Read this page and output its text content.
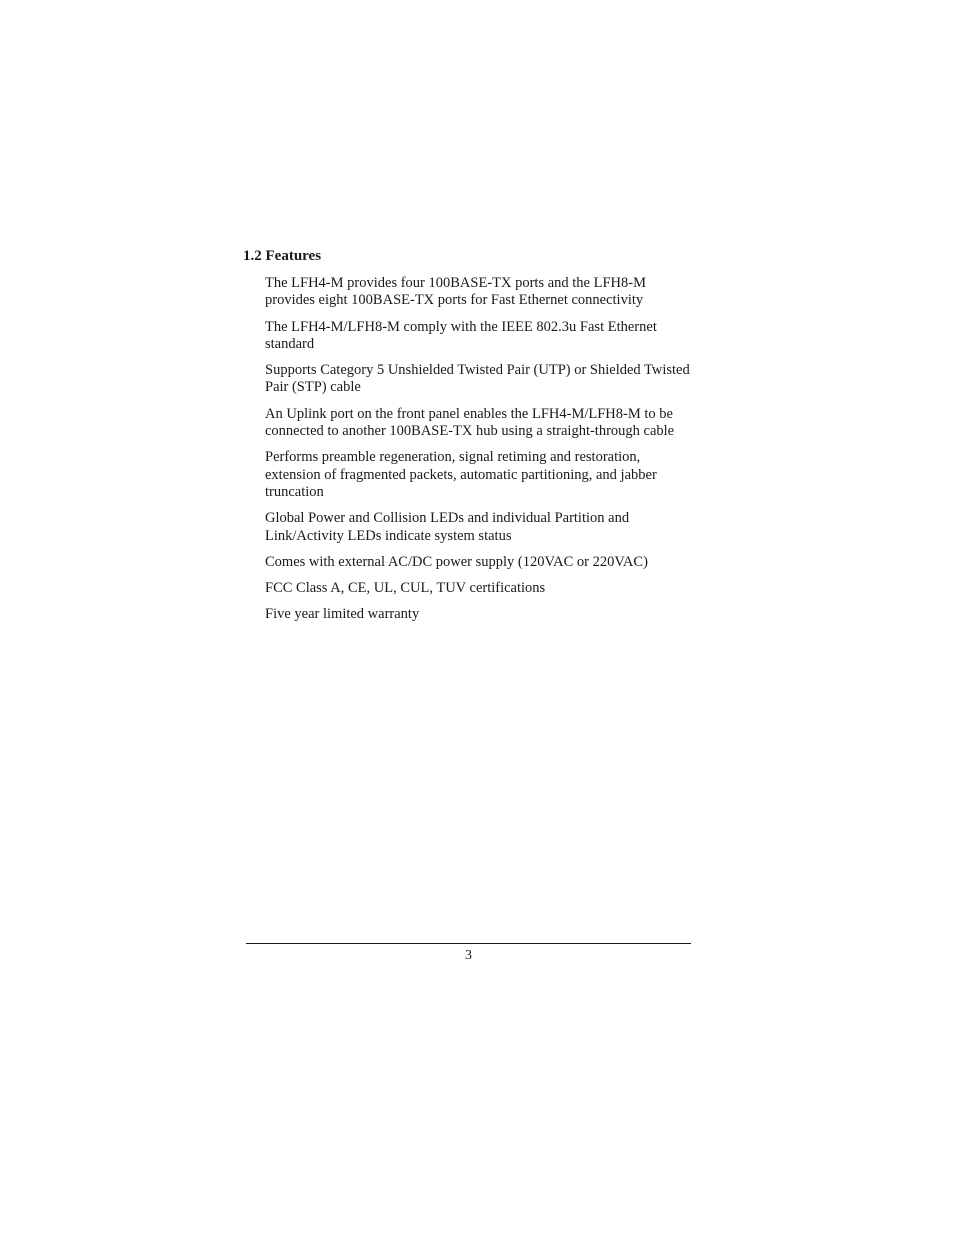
1.2 Features
The LFH4-M provides four 100BASE-TX ports and the LFH8-M provides eight 100BASE-TX ports for Fast Ethernet connectivity
The LFH4-M/LFH8-M comply with the IEEE 802.3u Fast Ethernet standard
Supports Category 5 Unshielded Twisted Pair (UTP) or Shielded Twisted Pair (STP) cable
An Uplink port on the front panel enables the LFH4-M/LFH8-M to be connected to another 100BASE-TX hub using a straight-through cable
Performs preamble regeneration, signal retiming and restoration, extension of fragmented packets, automatic partitioning, and jabber truncation
Global Power and Collision LEDs and individual Partition and Link/Activity LEDs indicate system status
Comes with external AC/DC power supply (120VAC or 220VAC)
FCC Class A, CE, UL, CUL, TUV certifications
Five year limited warranty
3
